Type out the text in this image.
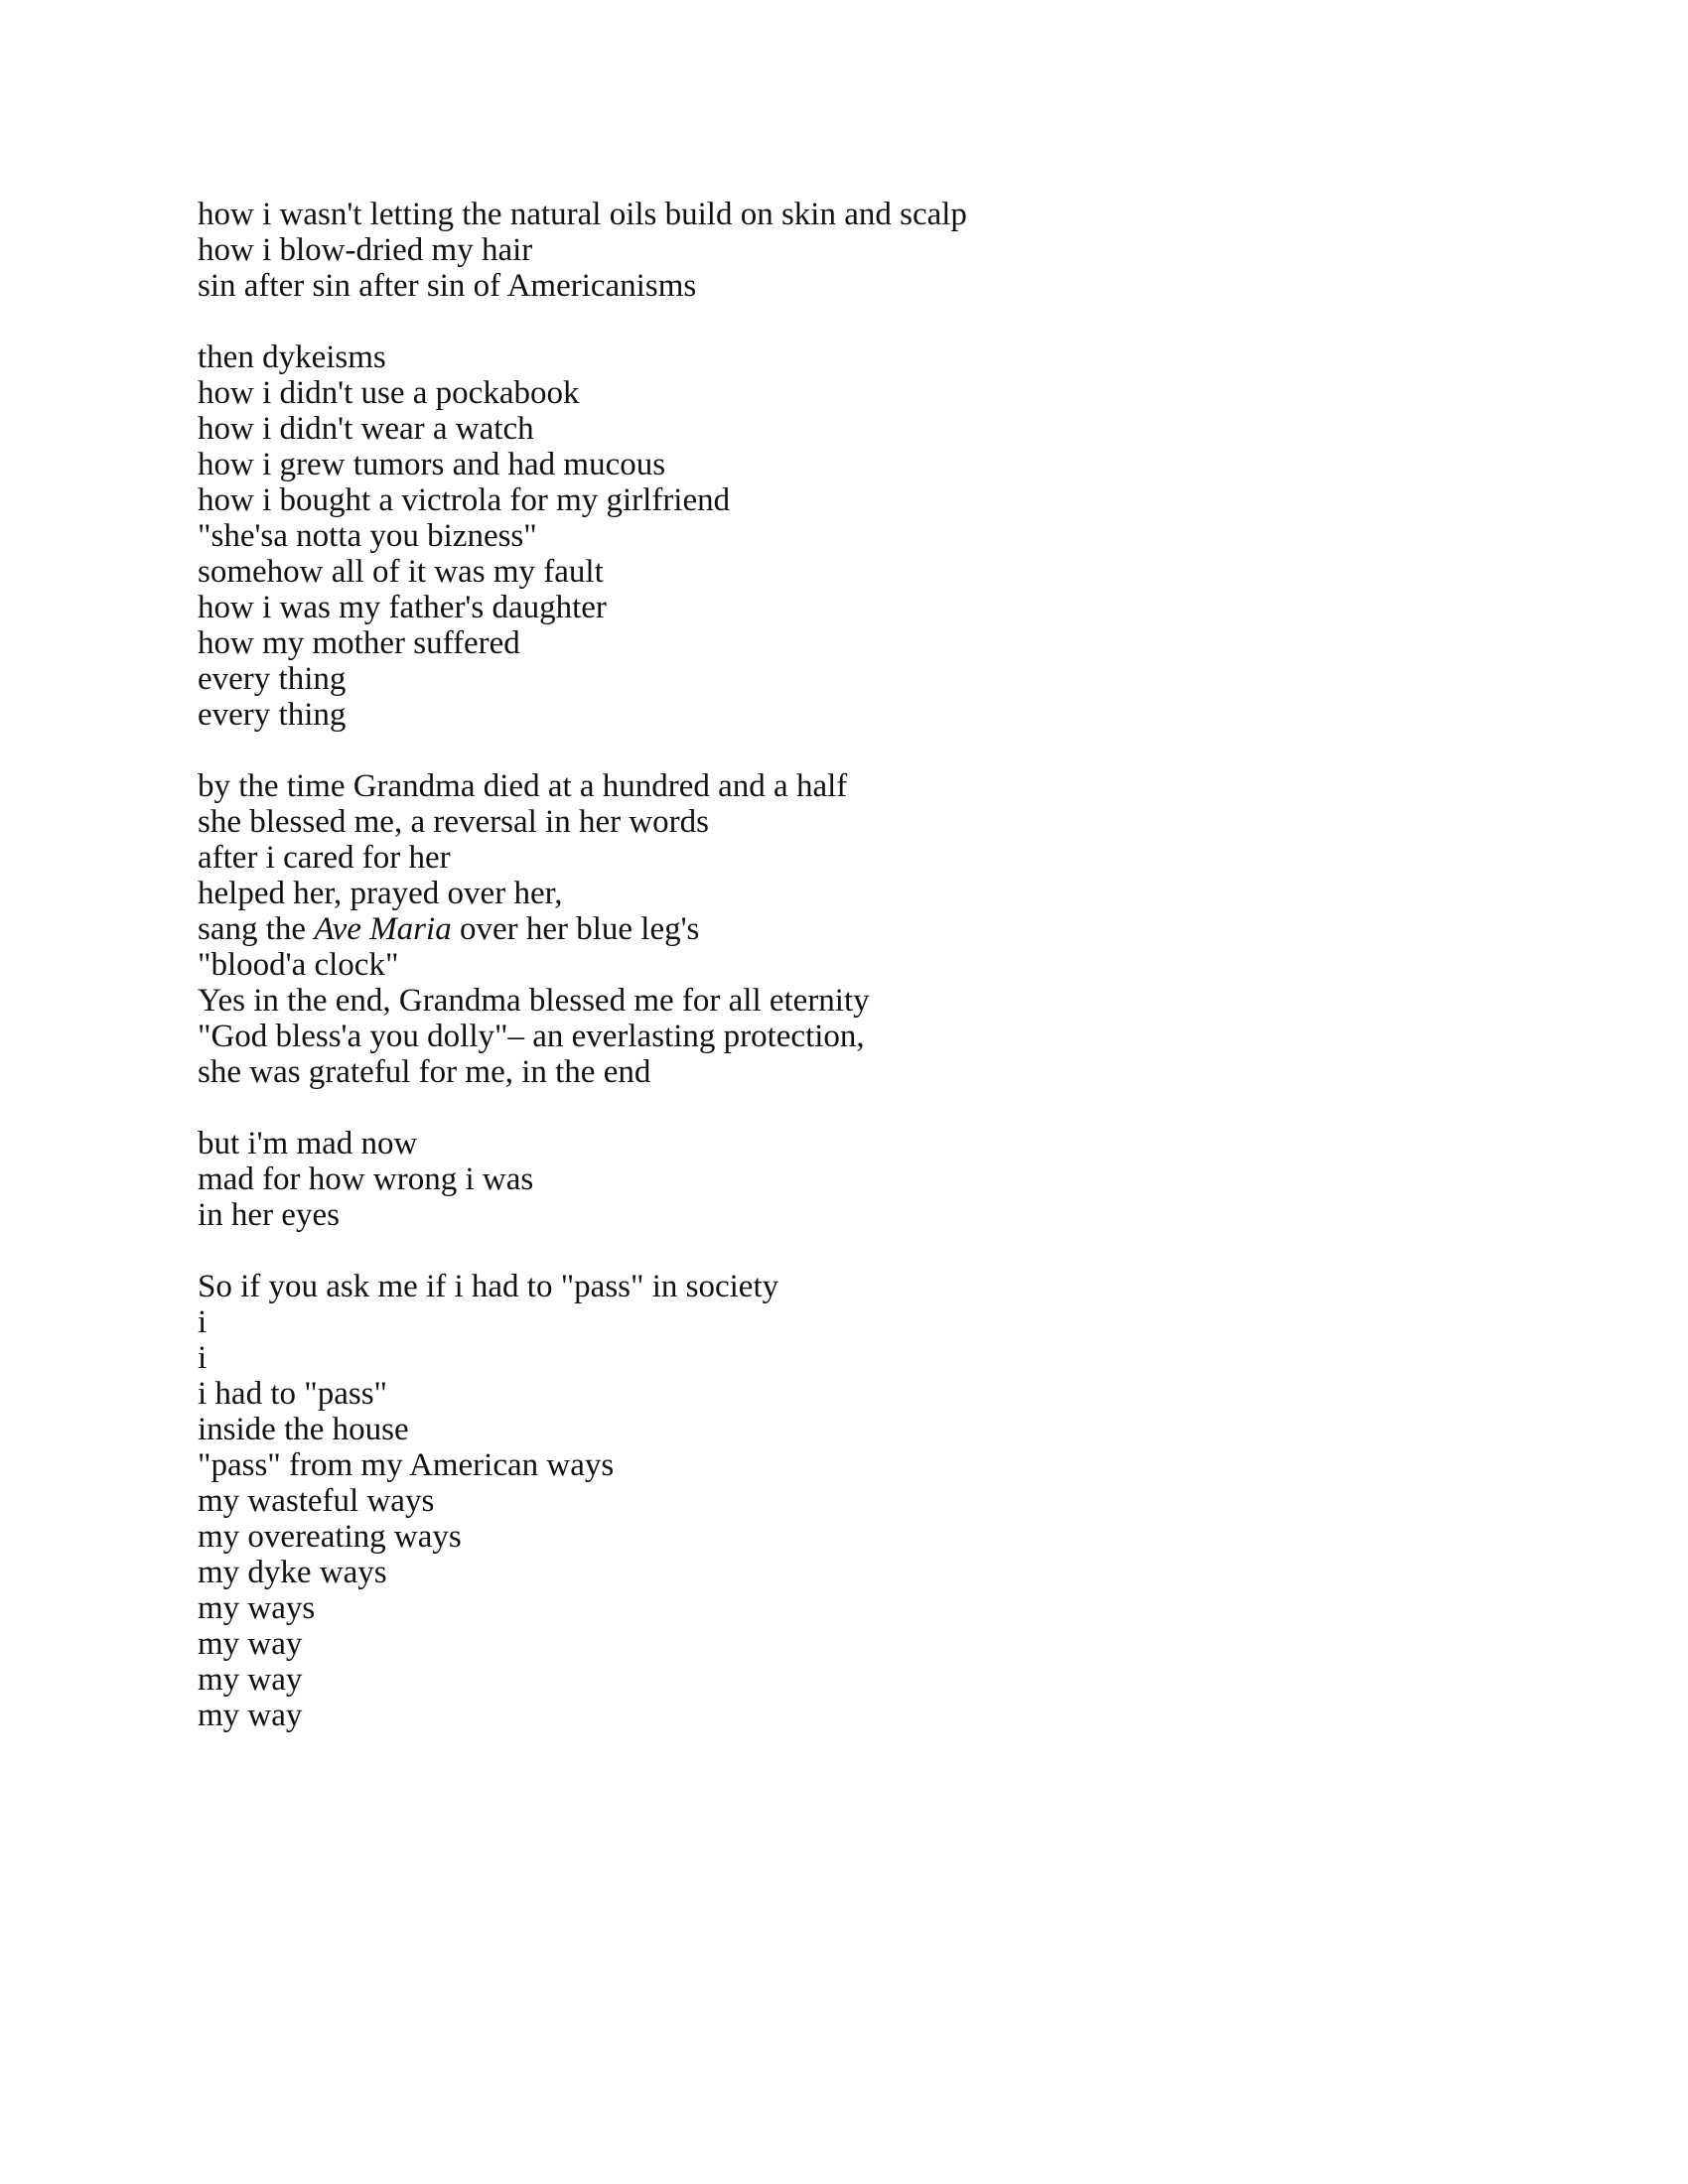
how i wasn't letting the natural oils build on skin and scalp
how i blow-dried my hair
sin after sin after sin of Americanisms
then dykeisms
how i didn't use a pockabook
how i didn't wear a watch
how i grew tumors and had mucous
how i bought a victrola for my girlfriend
"she'sa notta you bizness"
somehow all of it was my fault
how i was my father's daughter
how my mother suffered
every thing
every thing
by the time Grandma died at a hundred and a half
she blessed me, a reversal in her words
after i cared for her
helped her, prayed over her,
sang the Ave Maria over her blue leg's
"blood'a clock"
Yes in the end, Grandma blessed me for all eternity
"God bless'a you dolly"– an everlasting protection,
she was grateful for me, in the end
but i'm mad now
mad for how wrong i was
in her eyes
So if you ask me if i had to "pass" in society
i
i
i had to "pass"
inside the house
"pass" from my American ways
my wasteful ways
my overeating ways
my dyke ways
my ways
my way
my way
my way
